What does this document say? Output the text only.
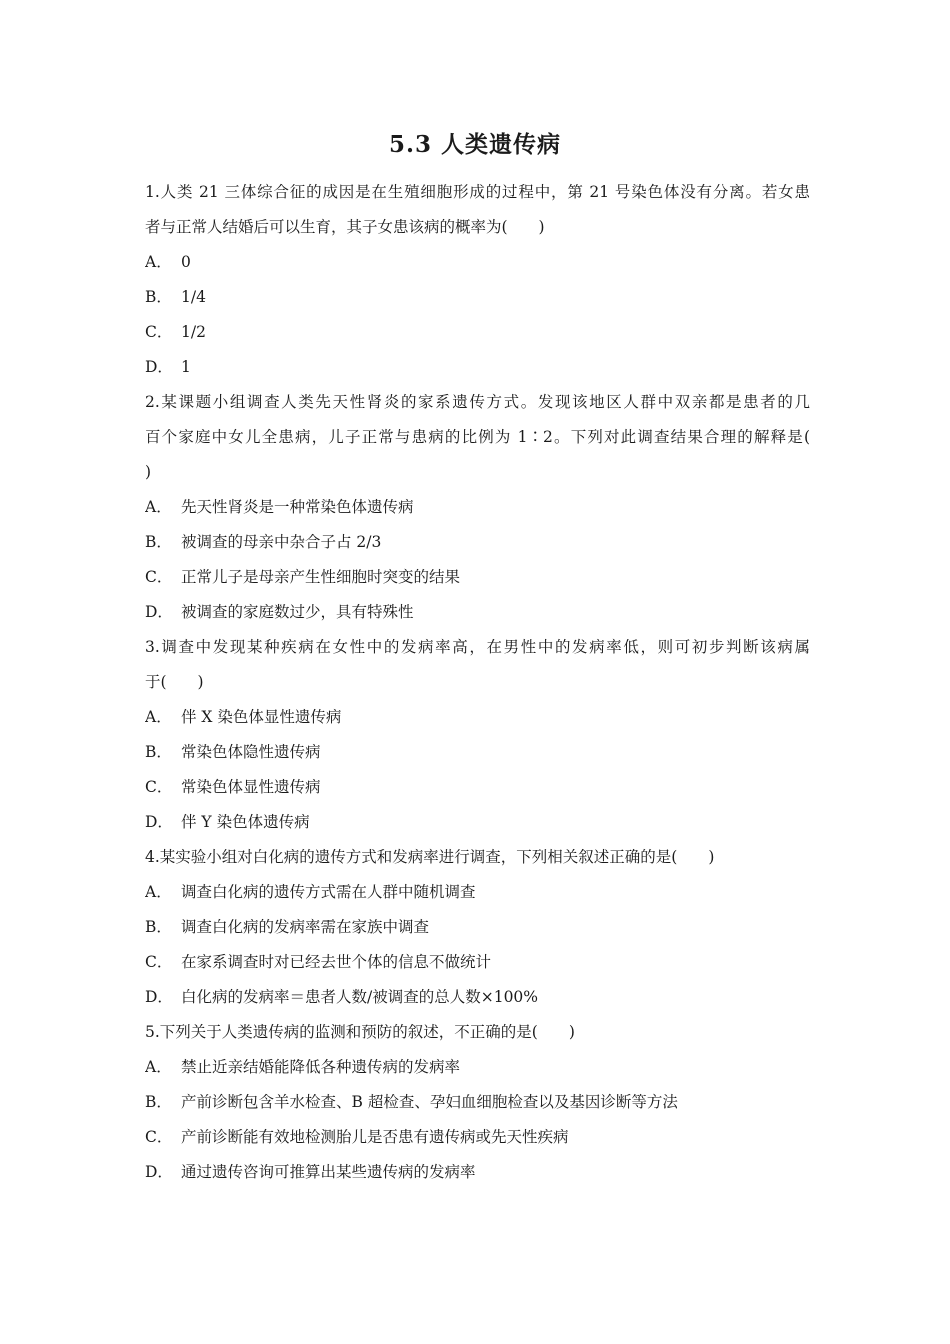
5.3 人类遗传病
1.人类 21 三体综合征的成因是在生殖细胞形成的过程中，第 21 号染色体没有分离。若女患
者与正常人结婚后可以生育，其子女患该病的概率为(　　)
A． 0
B． 1/4
C． 1/2
D． 1
2.某课题小组调查人类先天性肾炎的家系遗传方式。发现该地区人群中双亲都是患者的几
百个家庭中女儿全患病，儿子正常与患病的比例为 1∶2。下列对此调查结果合理的解释是(
)
A． 先天性肾炎是一种常染色体遗传病
B． 被调查的母亲中杂合子占 2/3
C． 正常儿子是母亲产生性细胞时突变的结果
D． 被调查的家庭数过少，具有特殊性
3.调查中发现某种疾病在女性中的发病率高，在男性中的发病率低，则可初步判断该病属
于(　　)
A． 伴 X 染色体显性遗传病
B． 常染色体隐性遗传病
C． 常染色体显性遗传病
D． 伴 Y 染色体遗传病
4.某实验小组对白化病的遗传方式和发病率进行调查，下列相关叙述正确的是(　　)
A． 调查白化病的遗传方式需在人群中随机调查
B． 调查白化病的发病率需在家族中调查
C． 在家系调查时对已经去世个体的信息不做统计
D． 白化病的发病率＝患者人数/被调查的总人数×100%
5.下列关于人类遗传病的监测和预防的叙述，不正确的是(　　)
A． 禁止近亲结婚能降低各种遗传病的发病率
B． 产前诊断包含羊水检查、B 超检查、孕妇血细胞检查以及基因诊断等方法
C． 产前诊断能有效地检测胎儿是否患有遗传病或先天性疾病
D． 通过遗传咨询可推算出某些遗传病的发病率
